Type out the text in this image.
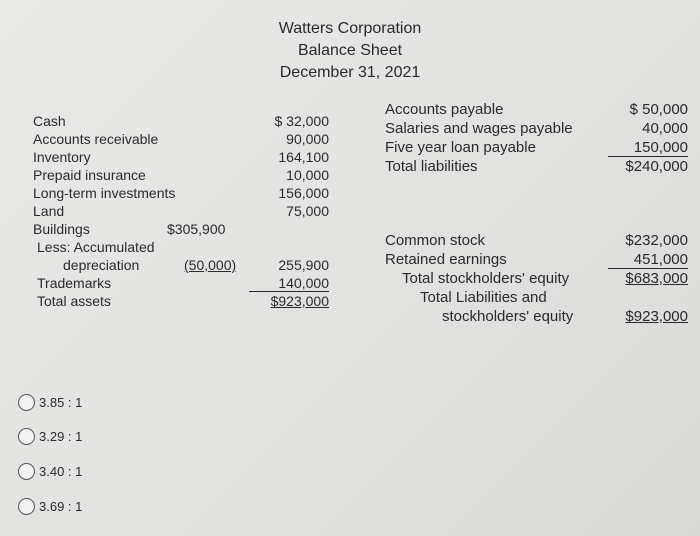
Watters Corporation
Balance Sheet
December 31, 2021
Cash
Accounts receivable
Inventory
Prepaid insurance
Long-term investments
Land
Buildings	$305,900
Less: Accumulated
depreciation	(50,000)
Trademarks
Total assets
$ 32,000
90,000
164,100
10,000
156,000
75,000
255,900
140,000
$923,000
Accounts payable
Salaries and wages payable
Five year loan payable
Total liabilities
$ 50,000
40,000
150,000
$240,000
Common stock
Retained earnings
Total stockholders' equity
Total Liabilities and
stockholders' equity
$232,000
451,000
$683,000
$923,000
3.85 : 1
3.29 : 1
3.40 : 1
3.69 : 1
